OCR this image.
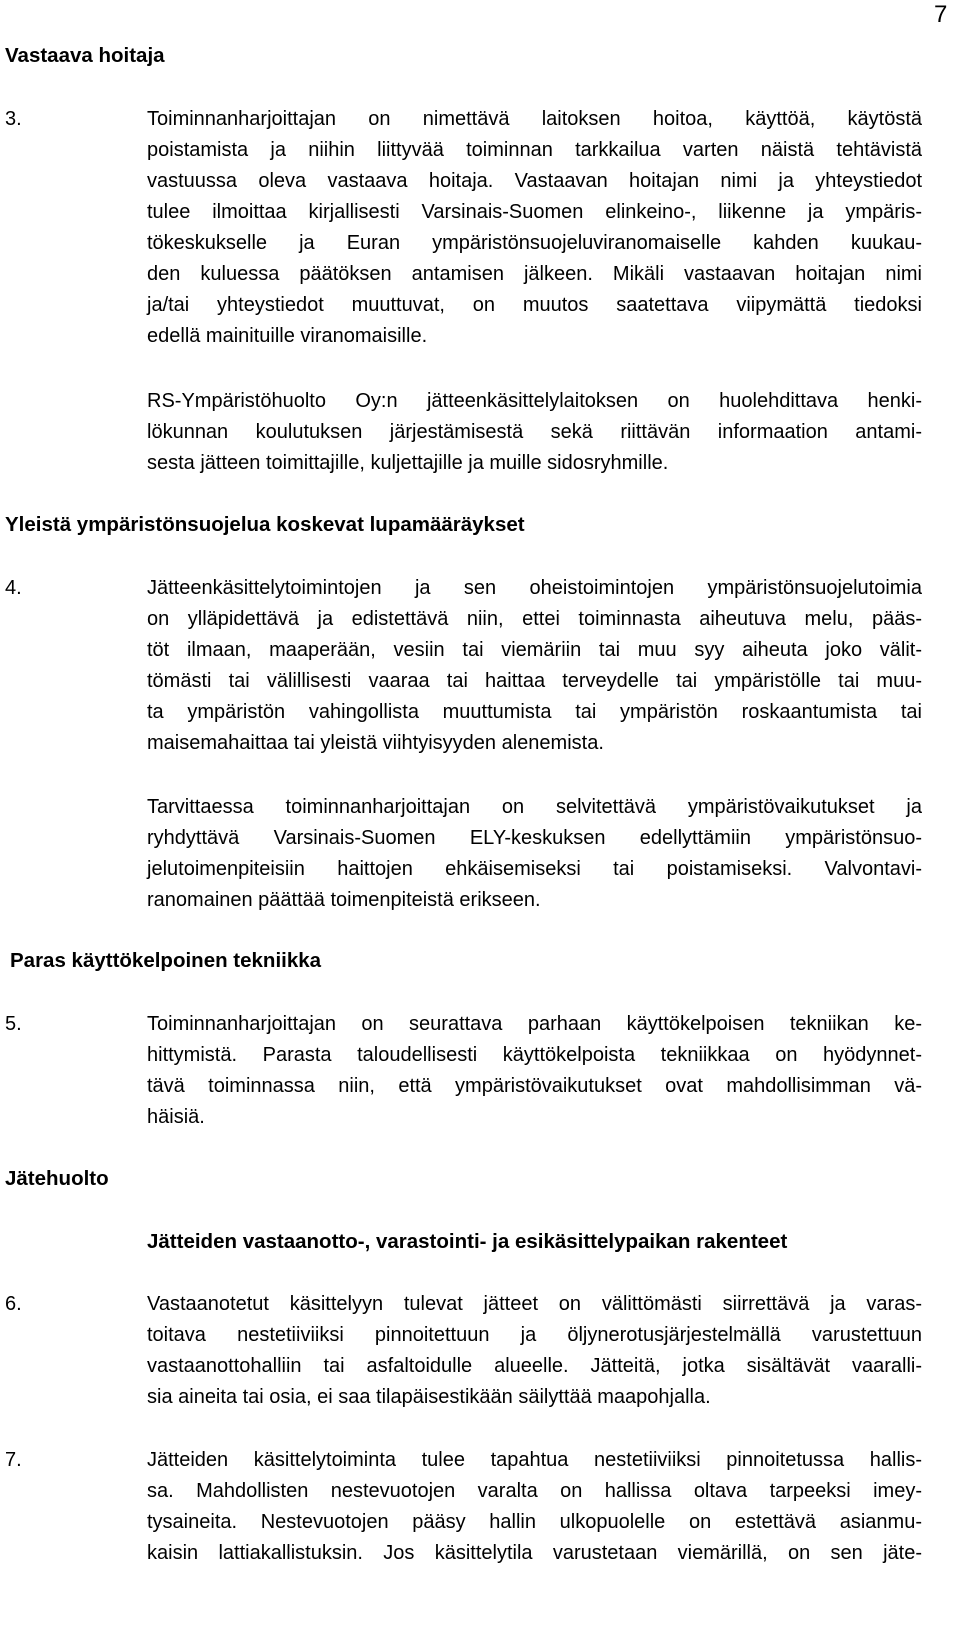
7
Vastaava hoitaja
3.	Toiminnanharjoittajan on nimettävä laitoksen hoitoa, käyttöä, käytöstä
poistamista ja niihin liittyvää toiminnan tarkkailua varten näistä tehtävistä
vastuussa oleva vastaava hoitaja. Vastaavan hoitajan nimi ja yhteystiedot
tulee ilmoittaa kirjallisesti Varsinais-Suomen elinkeino-, liikenne ja ympäris-
tökeskukselle ja Euran ympäristönsuojeluviranomaiselle kahden kuukau-
den kuluessa päätöksen antamisen jälkeen. Mikäli vastaavan hoitajan nimi
ja/tai yhteystiedot muuttuvat, on muutos saatettava viipymättä tiedoksi
edellä mainituille viranomaisille.
RS-Ympäristöhuolto Oy:n jätteenkäsittelylaitoksen on huolehdittava henki-
lökunnan koulutuksen järjestämisestä sekä riittävän informaation antami-
sesta jätteen toimittajille, kuljettajille ja muille sidosryhmille.
Yleistä ympäristönsuojelua koskevat lupamääräykset
4.	Jätteenkäsittelytoimintojen ja sen oheistoimintojen ympäristönsuojelutoimia
on ylläpidettävä ja edistettävä niin, ettei toiminnasta aiheutuva melu, pääs-
töt ilmaan, maaperään, vesiin tai viemäriin tai muu syy aiheuta joko välit-
tömästi tai välillisesti vaaraa tai haittaa terveydelle tai ympäristölle tai muu-
ta ympäristön vahingollista muuttumista tai ympäristön roskaantumista tai
maisemahaittaa tai yleistä viihtyisyyden alenemista.
Tarvittaessa toiminnanharjoittajan on selvitettävä ympäristövaikutukset ja
ryhdyttävä Varsinais-Suomen ELY-keskuksen edellyttämiin ympäristönsuo-
jelutoimenpiteisiin haittojen ehkäisemiseksi tai poistamiseksi. Valvontavi-
ranomainen päättää toimenpiteistä erikseen.
Paras käyttökelpoinen tekniikka
5.	Toiminnanharjoittajan on seurattava parhaan käyttökelpoisen tekniikan ke-
hittymistä. Parasta taloudellisesti käyttökelpoista tekniikkaa on hyödynnet-
tävä toiminnassa niin, että ympäristövaikutukset ovat mahdollisimman vä-
häisiä.
Jätehuolto
Jätteiden vastaanotto-, varastointi- ja esikäsittelypaikan rakenteet
6.	Vastaanotetut käsittelyyn tulevat jätteet on välittömästi siirrettävä ja varas-
toitava nestetiiviiksi pinnoitettuun ja öljynerotusjärjestelmällä varustettuun
vastaanottohalliin tai asfaltoidulle alueelle. Jätteitä, jotka sisältävät vaaralli-
sia aineita tai osia, ei saa tilapäisestikään säilyttää maapohjalla.
7.	Jätteiden käsittelytoiminta tulee tapahtua nestetiiviiksi pinnoitetussa hallis-
sa. Mahdollisten nestevuotojen varalta on hallissa oltava tarpeeksi imey-
tysaineita. Nestevuotojen pääsy hallin ulkopuolelle on estettävä asianmu-
kaisin lattiakallistuksin. Jos käsittelytila varustetaan viemärillä, on sen jäte-
